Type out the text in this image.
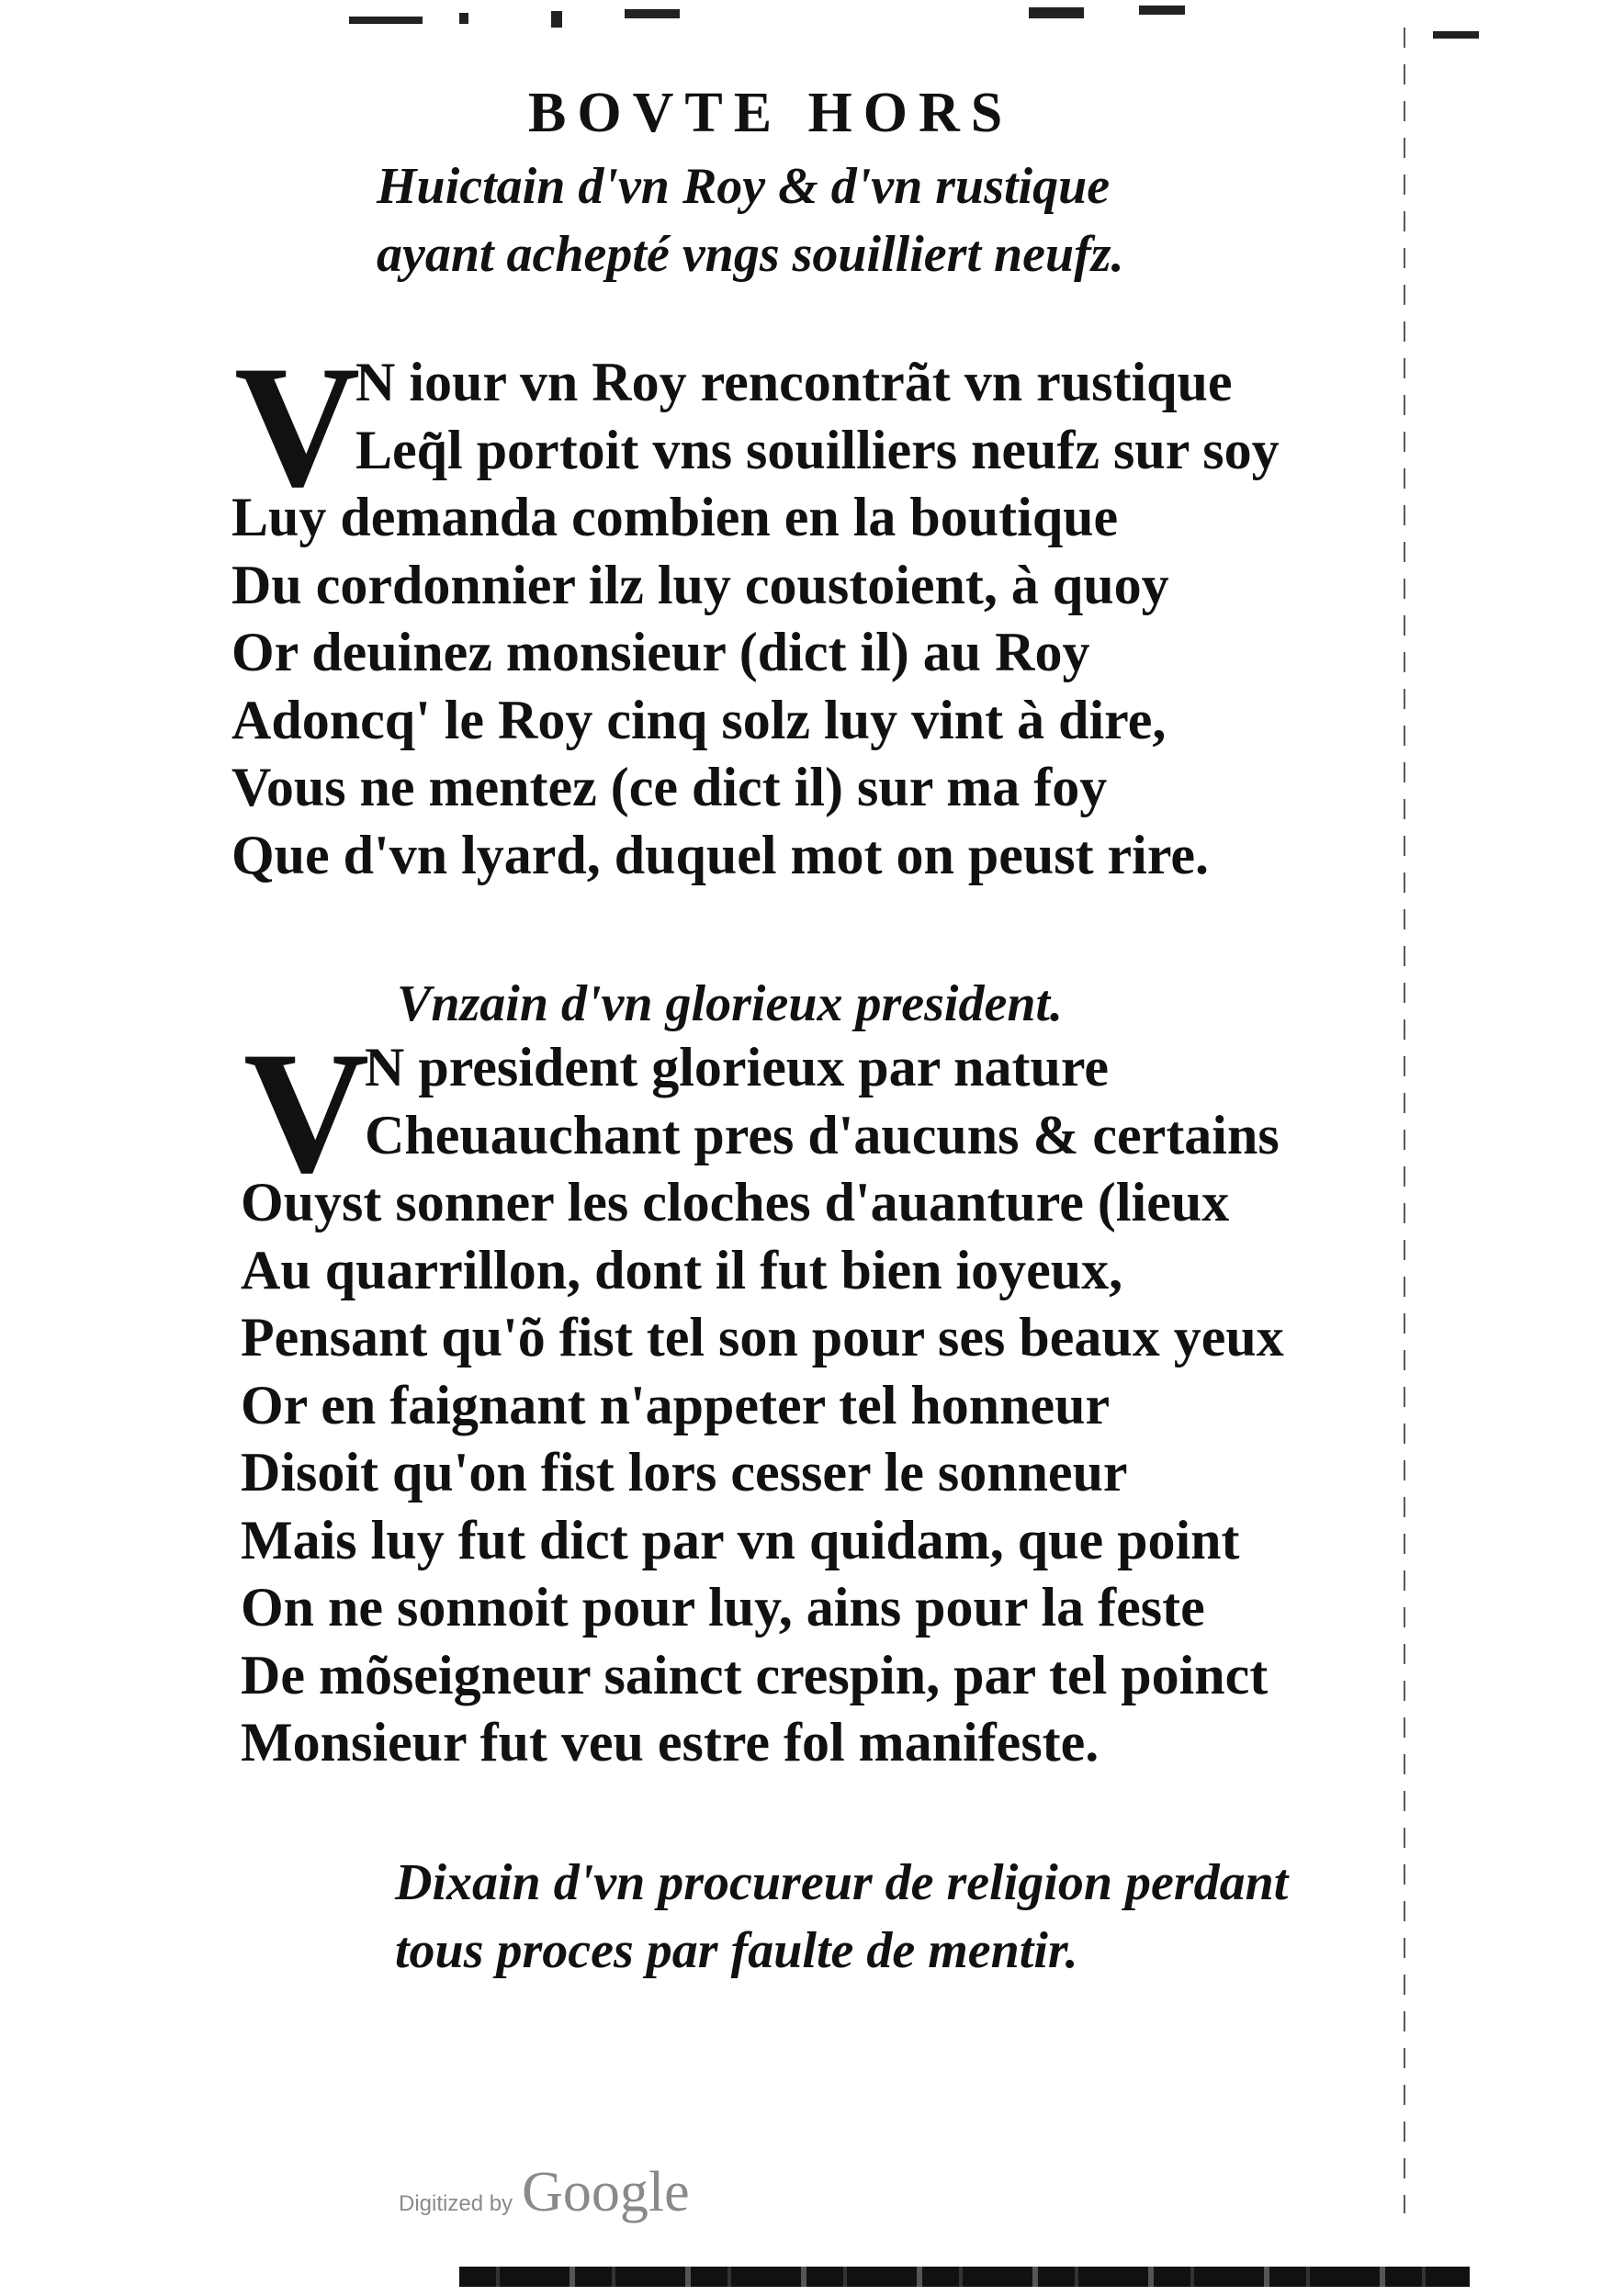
BOVTE HORS
Huictain d'vn Roy & d'vn rustique
ayant achepté vngs souilliert neufz.
V
N iour vn Roy rencontrãt vn rustique
Leq̃l portoit vns souilliers neufz sur soy
Luy demanda combien en la boutique
Du cordonnier ilz luy coustoient, à quoy
Or deuinez monsieur (dict il) au Roy
Adoncq' le Roy cinq solz luy vint à dire,
Vous ne mentez (ce dict il) sur ma foy
Que d'vn lyard, duquel mot on peust rire.
Vnzain d'vn glorieux president.
V
N president glorieux par nature
Cheuauchant pres d'aucuns & certains
Ouyst sonner les cloches d'auanture (lieux
Au quarrillon, dont il fut bien ioyeux,
Pensant qu'õ fist tel son pour ses beaux yeux
Or en faignant n'appeter tel honneur
Disoit qu'on fist lors cesser le sonneur
Mais luy fut dict par vn quidam, que point
On ne sonnoit pour luy, ains pour la feste
De mõseigneur sainct crespin, par tel poinct
Monsieur fut veu estre fol manifeste.
Dixain d'vn procureur de religion perdant
tous proces par faulte de mentir.
Digitized by Google
